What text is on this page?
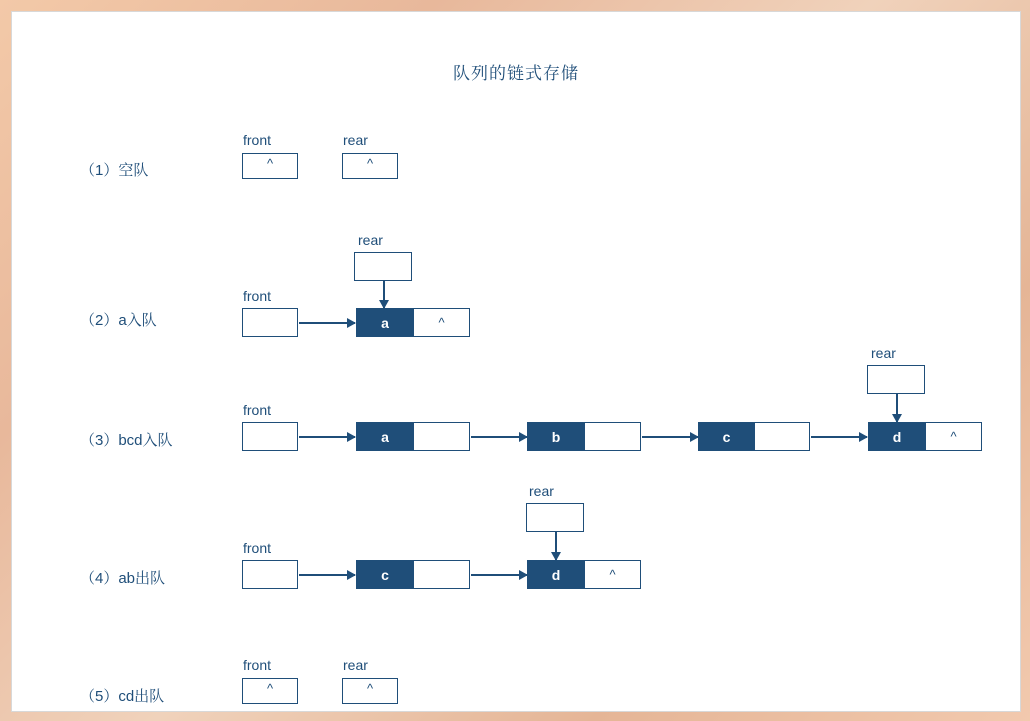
队列的链式存储
（1）空队
front
^
rear
^
（2）a入队
front
rear
a	^
（3）bcd入队
front
a	b	c
rear
d	^
（4）ab出队
front
c
rear
d	^
（5）cd出队
front
^
rear
^
